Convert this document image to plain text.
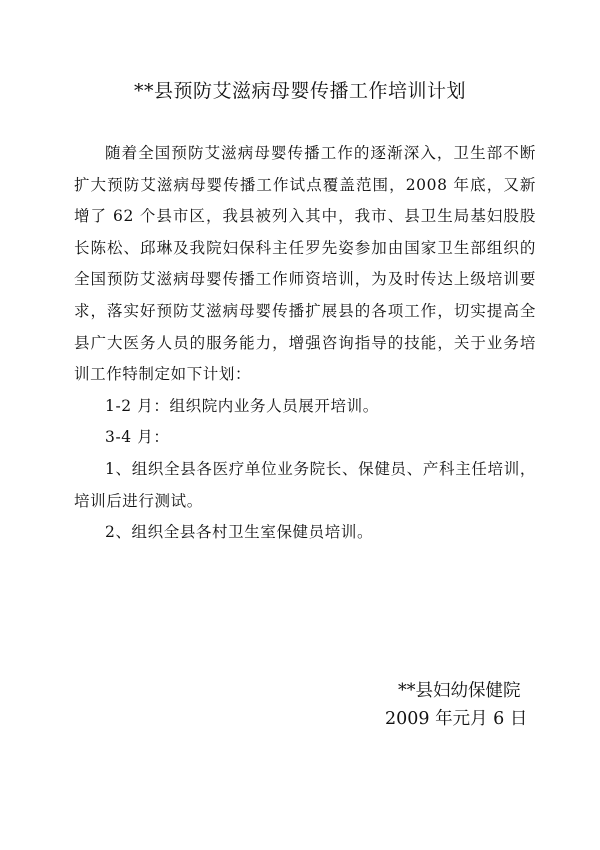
**县预防艾滋病母婴传播工作培训计划

随着全国预防艾滋病母婴传播工作的逐渐深入，卫生部不断扩大预防艾滋病母婴传播工作试点覆盖范围，2008 年底，又新增了 62 个县市区，我县被列入其中，我市、县卫生局基妇股股长陈松、邱琳及我院妇保科主任罗先姿参加由国家卫生部组织的全国预防艾滋病母婴传播工作师资培训，为及时传达上级培训要求，落实好预防艾滋病母婴传播扩展县的各项工作，切实提高全县广大医务人员的服务能力，增强咨询指导的技能，关于业务培训工作特制定如下计划：

1-2 月：组织院内业务人员展开培训。

3-4 月：

1、组织全县各医疗单位业务院长、保健员、产科主任培训，培训后进行测试。

2、组织全县各村卫生室保健员培训。

**县妇幼保健院

2009 年元月 6 日
